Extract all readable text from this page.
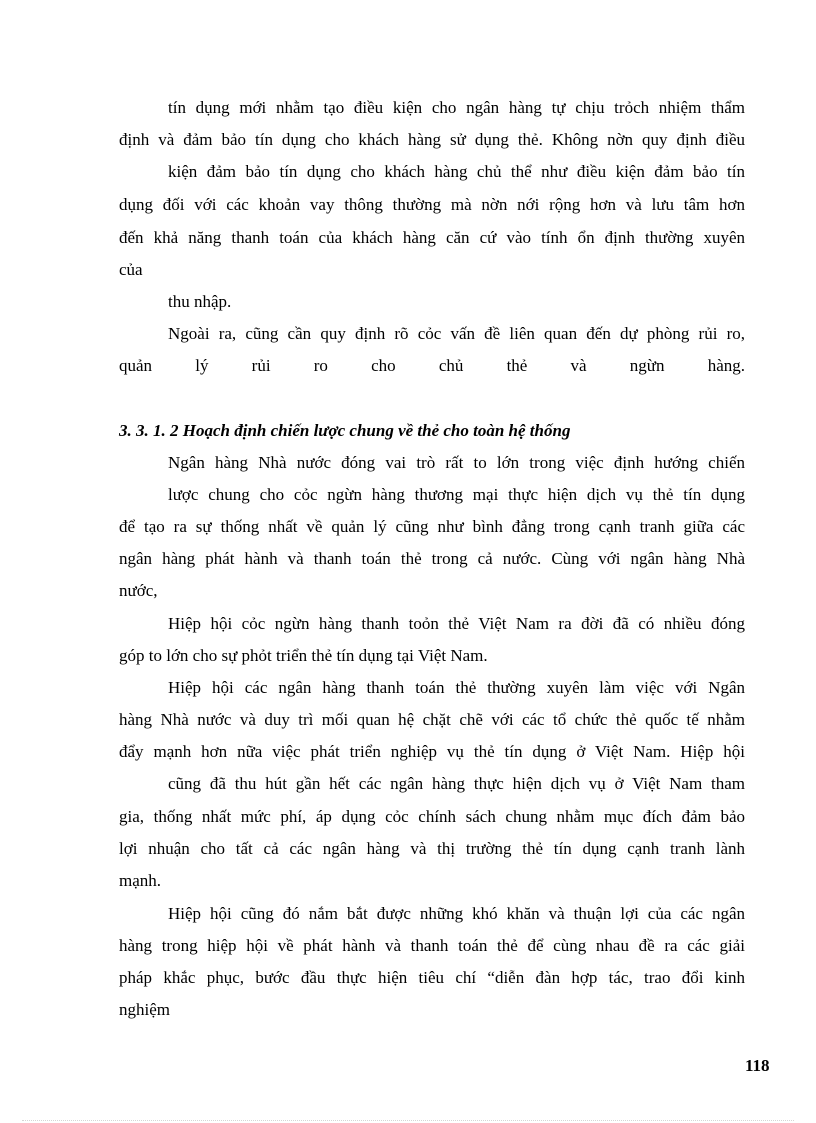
tín dụng mới nhằm tạo điều kiện cho ngân hàng tự chịu trỏch nhiệm thẩm
định và đảm bảo tín dụng cho khách hàng sử dụng thẻ. Không nờn quy định điều
kiện đảm bảo tín dụng cho khách hàng chủ thể như điều kiện đảm bảo tín
dụng đối với các khoản vay thông thường mà nờn nới rộng hơn và lưu tâm hơn
đến khả năng thanh toán của khách hàng căn cứ vào tính ổn định thường xuyên
của
thu nhập.
Ngoài ra, cũng cần quy định rõ cỏc vấn đề liên quan đến dự phòng rủi ro,
quản lý rủi ro cho chủ thẻ và ngừn hàng.
3. 3. 1. 2 Hoạch định chiến lược chung về thẻ cho toàn hệ thống
Ngân hàng Nhà nước đóng vai trò rất to lớn trong việc định hướng chiến
lược chung cho cỏc ngừn hàng thương mại thực hiện dịch vụ thẻ tín dụng
để tạo ra sự thống nhất về quản lý cũng như bình đẳng trong cạnh tranh giữa các
ngân hàng phát hành và thanh toán thẻ trong cả nước. Cùng với ngân hàng Nhà
nước,
Hiệp hội cỏc ngừn hàng thanh toỏn thẻ Việt Nam ra đời đã có nhiều đóng
góp to lớn cho sự phỏt triển thẻ tín dụng tại Việt Nam.
Hiệp hội các ngân hàng thanh toán thẻ thường xuyên làm việc với Ngân
hàng Nhà nước và duy trì mối quan hệ chặt chẽ với các tổ chức thẻ quốc tế nhằm
đẩy mạnh hơn nữa việc phát triển nghiệp vụ thẻ tín dụng ở Việt Nam. Hiệp hội
cũng đã thu hút gần hết các ngân hàng thực hiện dịch vụ ở Việt Nam tham
gia, thống nhất mức phí, áp dụng cỏc chính sách chung nhằm mục đích đảm bảo
lợi nhuận cho tất cả các ngân hàng và thị trường thẻ tín dụng cạnh tranh lành
mạnh.
Hiệp hội cũng đó nắm bắt được những khó khăn và thuận lợi của các ngân
hàng trong hiệp hội về phát hành và thanh toán thẻ để cùng nhau đề ra các giải
pháp khắc phục, bước đầu thực hiện tiêu chí “diễn đàn hợp tác, trao đổi kinh
nghiệm
118
